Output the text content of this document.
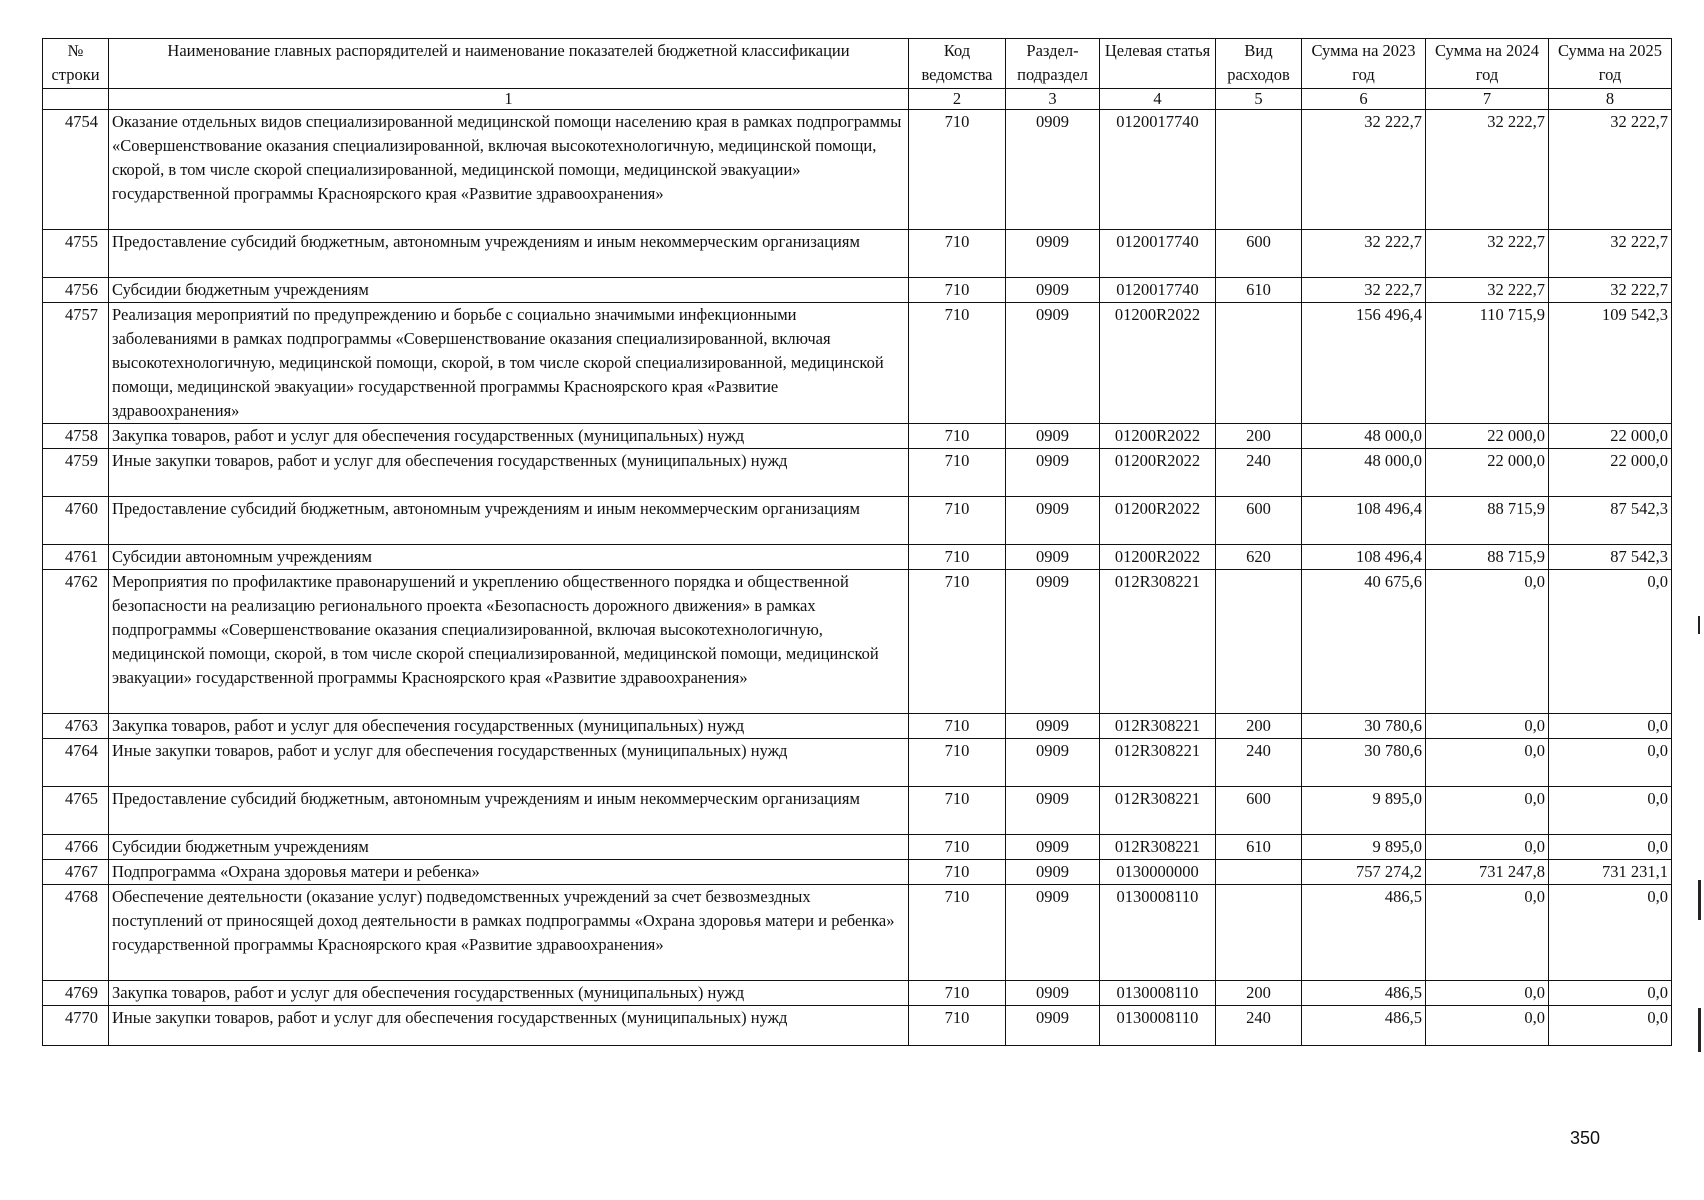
№ строки	Наименование главных распорядителей и наименование показателей бюджетной классификации	Код ведомства	Раздел-подраздел	Целевая статья	Вид расходов	Сумма на 2023 год	Сумма на 2024 год	Сумма на 2025 год
	1	2	3	4	5	6	7	8
4754	Оказание отдельных видов специализированной медицинской помощи населению края в рамках подпрограммы «Совершенствование оказания специализированной, включая высокотехнологичную, медицинской помощи, скорой, в том числе скорой специализированной, медицинской помощи, медицинской эвакуации» государственной программы Красноярского края «Развитие здравоохранения»	710	0909	0120017740		32 222,7	32 222,7	32 222,7
4755	Предоставление субсидий бюджетным, автономным учреждениям и иным некоммерческим организациям	710	0909	0120017740	600	32 222,7	32 222,7	32 222,7
4756	Субсидии бюджетным учреждениям	710	0909	0120017740	610	32 222,7	32 222,7	32 222,7
4757	Реализация мероприятий по предупреждению и борьбе с социально значимыми инфекционными заболеваниями в рамках подпрограммы «Совершенствование оказания специализированной, включая высокотехнологичную, медицинской помощи, скорой, в том числе скорой специализированной, медицинской помощи, медицинской эвакуации» государственной программы Красноярского края «Развитие здравоохранения»	710	0909	01200R2022		156 496,4	110 715,9	109 542,3
4758	Закупка товаров, работ и услуг для обеспечения государственных (муниципальных) нужд	710	0909	01200R2022	200	48 000,0	22 000,0	22 000,0
4759	Иные закупки товаров, работ и услуг для обеспечения государственных (муниципальных) нужд	710	0909	01200R2022	240	48 000,0	22 000,0	22 000,0
4760	Предоставление субсидий бюджетным, автономным учреждениям и иным некоммерческим организациям	710	0909	01200R2022	600	108 496,4	88 715,9	87 542,3
4761	Субсидии автономным учреждениям	710	0909	01200R2022	620	108 496,4	88 715,9	87 542,3
4762	Мероприятия по профилактике правонарушений и укреплению общественного порядка и общественной безопасности на реализацию регионального проекта «Безопасность дорожного движения» в рамках подпрограммы «Совершенствование оказания специализированной, включая высокотехнологичную, медицинской помощи, скорой, в том числе скорой специализированной, медицинской помощи, медицинской эвакуации» государственной программы Красноярского края «Развитие здравоохранения»	710	0909	012R308221		40 675,6	0,0	0,0
4763	Закупка товаров, работ и услуг для обеспечения государственных (муниципальных) нужд	710	0909	012R308221	200	30 780,6	0,0	0,0
4764	Иные закупки товаров, работ и услуг для обеспечения государственных (муниципальных) нужд	710	0909	012R308221	240	30 780,6	0,0	0,0
4765	Предоставление субсидий бюджетным, автономным учреждениям и иным некоммерческим организациям	710	0909	012R308221	600	9 895,0	0,0	0,0
4766	Субсидии бюджетным учреждениям	710	0909	012R308221	610	9 895,0	0,0	0,0
4767	Подпрограмма «Охрана здоровья матери и ребенка»	710	0909	0130000000		757 274,2	731 247,8	731 231,1
4768	Обеспечение деятельности (оказание услуг) подведомственных учреждений за счет безвозмездных поступлений от приносящей доход деятельности в рамках подпрограммы «Охрана здоровья матери и ребенка» государственной программы Красноярского края «Развитие здравоохранения»	710	0909	0130008110		486,5	0,0	0,0
4769	Закупка товаров, работ и услуг для обеспечения государственных (муниципальных) нужд	710	0909	0130008110	200	486,5	0,0	0,0
4770	Иные закупки товаров, работ и услуг для обеспечения государственных (муниципальных) нужд	710	0909	0130008110	240	486,5	0,0	0,0
350
